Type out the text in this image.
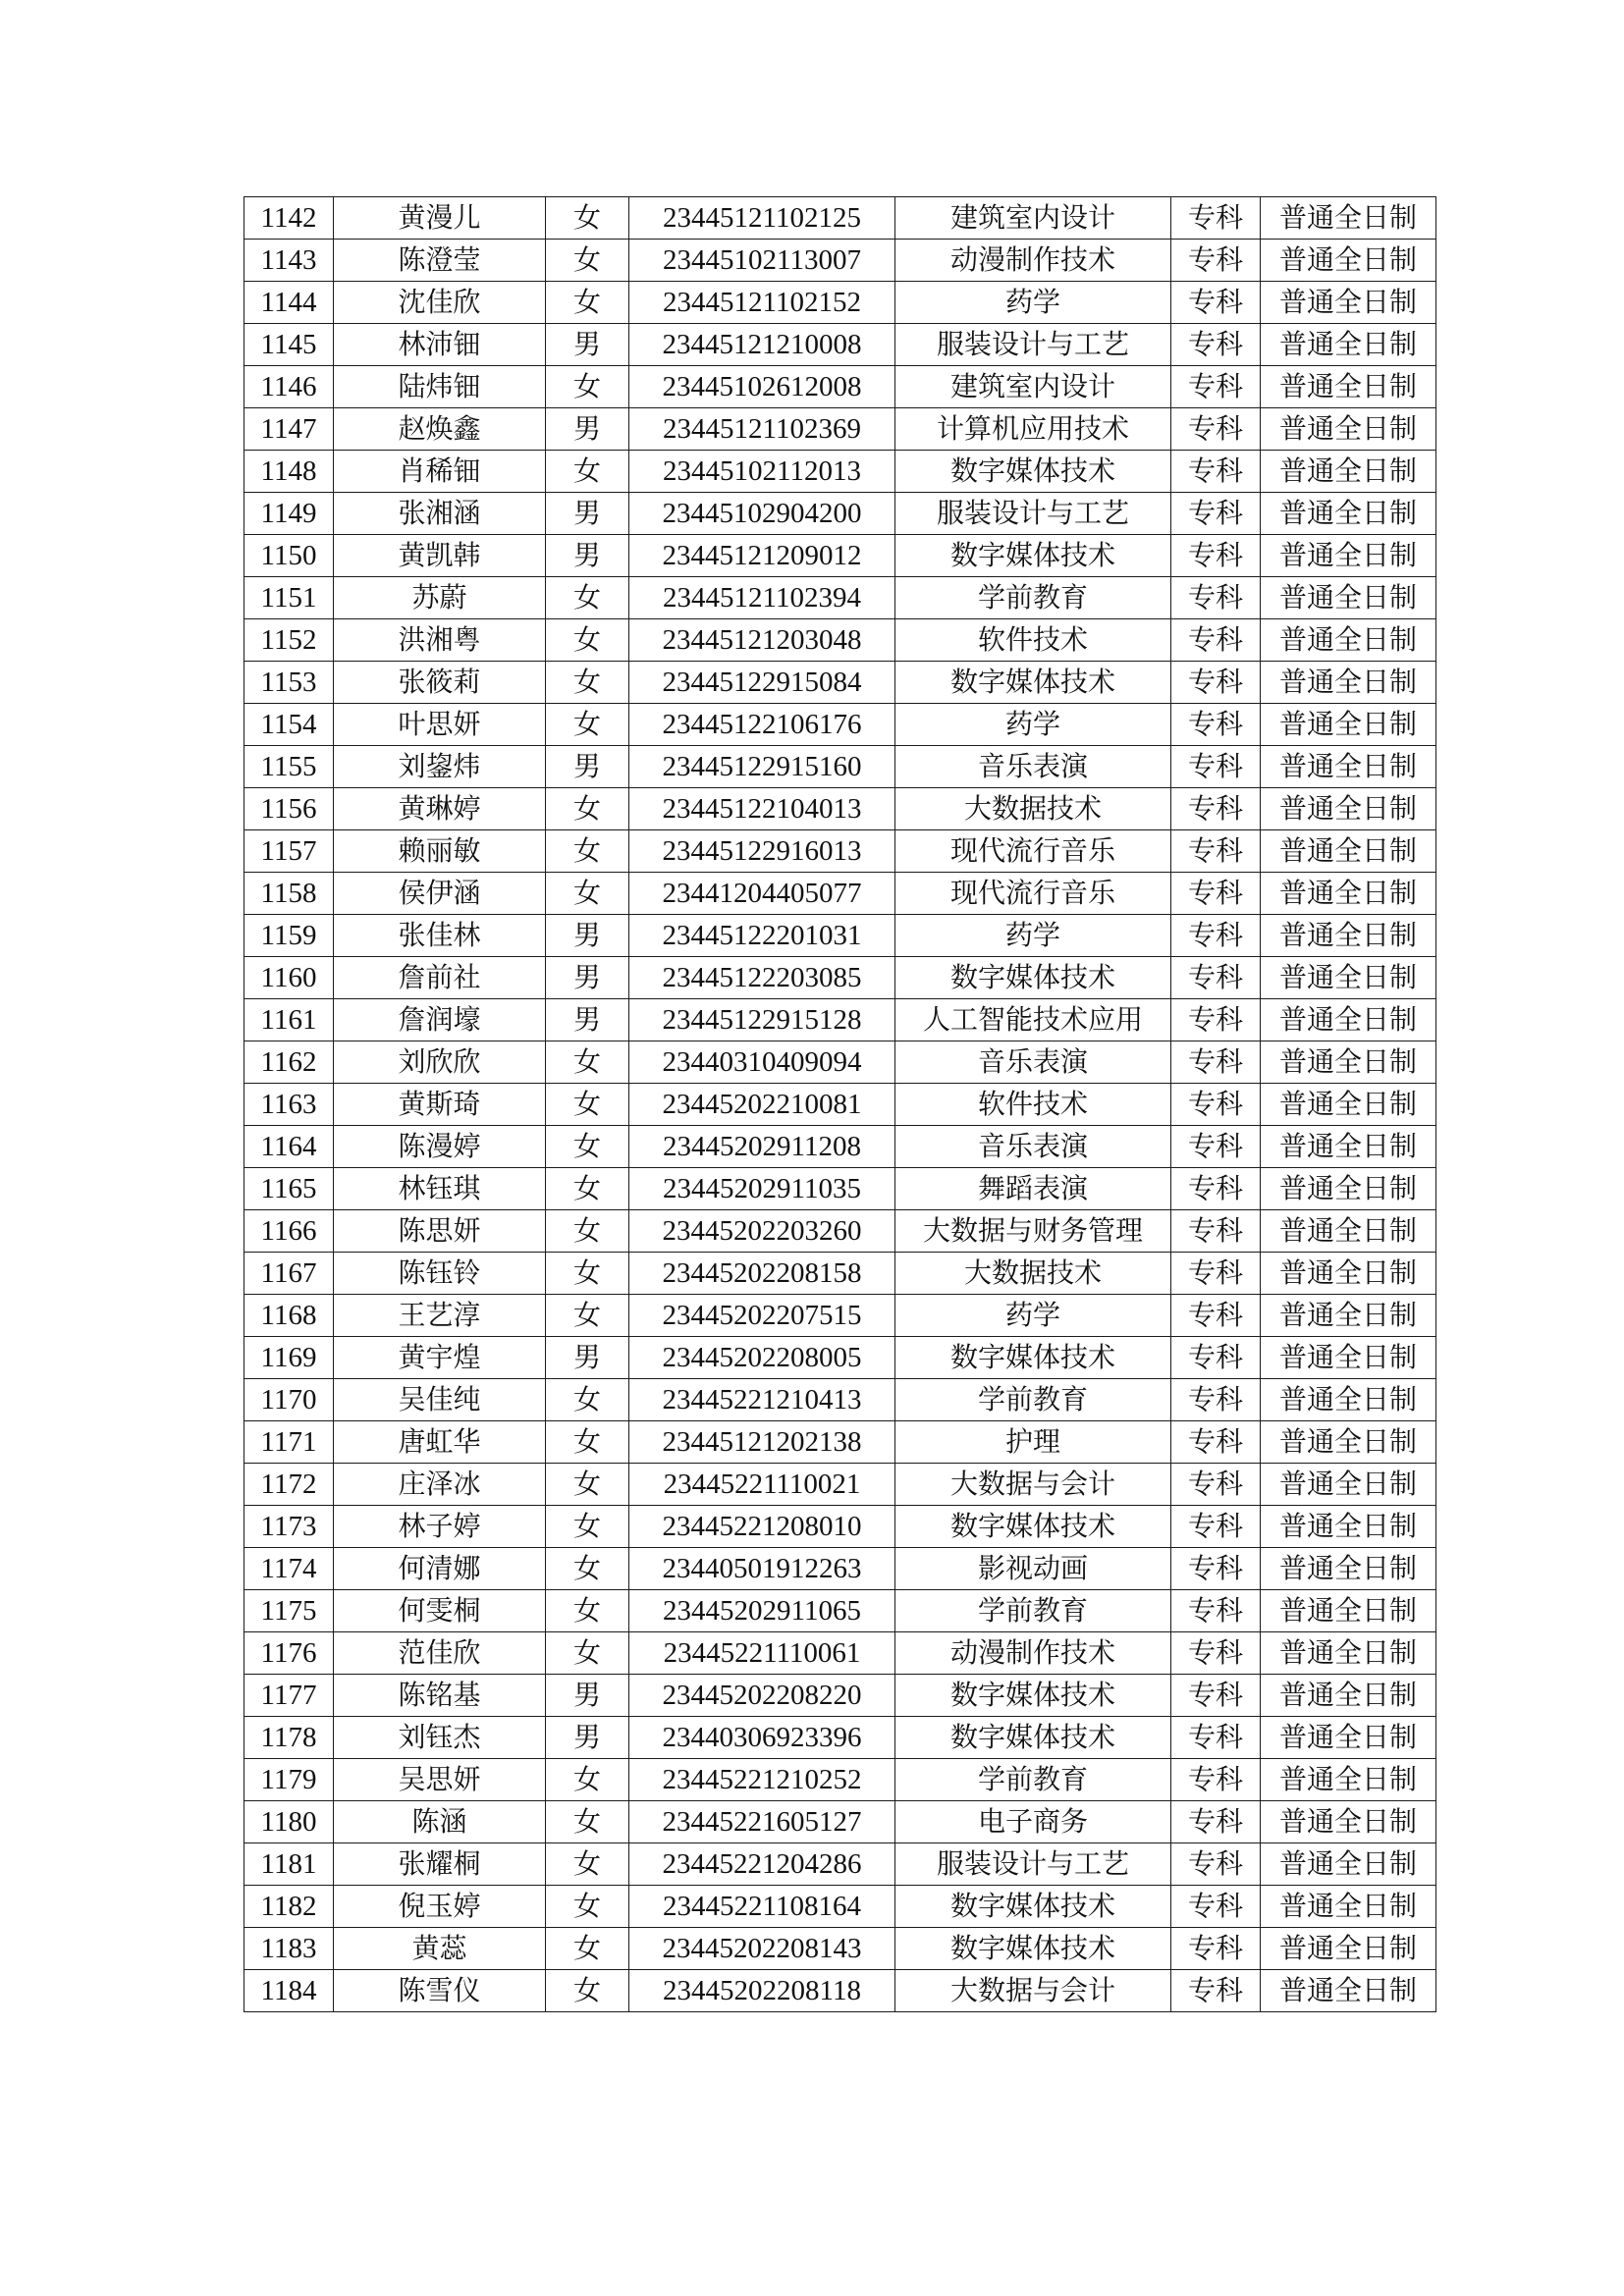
1142	黄漫儿	女	23445121102125	建筑室内设计	专科	普通全日制
1143	陈澄莹	女	23445102113007	动漫制作技术	专科	普通全日制
1144	沈佳欣	女	23445121102152	药学	专科	普通全日制
1145	林沛钿	男	23445121210008	服装设计与工艺	专科	普通全日制
1146	陆炜钿	女	23445102612008	建筑室内设计	专科	普通全日制
1147	赵焕鑫	男	23445121102369	计算机应用技术	专科	普通全日制
1148	肖稀钿	女	23445102112013	数字媒体技术	专科	普通全日制
1149	张湘涵	男	23445102904200	服装设计与工艺	专科	普通全日制
1150	黄凯韩	男	23445121209012	数字媒体技术	专科	普通全日制
1151	苏蔚	女	23445121102394	学前教育	专科	普通全日制
1152	洪湘粤	女	23445121203048	软件技术	专科	普通全日制
1153	张筱莉	女	23445122915084	数字媒体技术	专科	普通全日制
1154	叶思妍	女	23445122106176	药学	专科	普通全日制
1155	刘鋆炜	男	23445122915160	音乐表演	专科	普通全日制
1156	黄琳婷	女	23445122104013	大数据技术	专科	普通全日制
1157	赖丽敏	女	23445122916013	现代流行音乐	专科	普通全日制
1158	侯伊涵	女	23441204405077	现代流行音乐	专科	普通全日制
1159	张佳林	男	23445122201031	药学	专科	普通全日制
1160	詹前社	男	23445122203085	数字媒体技术	专科	普通全日制
1161	詹润壕	男	23445122915128	人工智能技术应用	专科	普通全日制
1162	刘欣欣	女	23440310409094	音乐表演	专科	普通全日制
1163	黄斯琦	女	23445202210081	软件技术	专科	普通全日制
1164	陈漫婷	女	23445202911208	音乐表演	专科	普通全日制
1165	林钰琪	女	23445202911035	舞蹈表演	专科	普通全日制
1166	陈思妍	女	23445202203260	大数据与财务管理	专科	普通全日制
1167	陈钰铃	女	23445202208158	大数据技术	专科	普通全日制
1168	王艺淳	女	23445202207515	药学	专科	普通全日制
1169	黄宇煌	男	23445202208005	数字媒体技术	专科	普通全日制
1170	吴佳纯	女	23445221210413	学前教育	专科	普通全日制
1171	唐虹华	女	23445121202138	护理	专科	普通全日制
1172	庄泽冰	女	23445221110021	大数据与会计	专科	普通全日制
1173	林子婷	女	23445221208010	数字媒体技术	专科	普通全日制
1174	何清娜	女	23440501912263	影视动画	专科	普通全日制
1175	何雯桐	女	23445202911065	学前教育	专科	普通全日制
1176	范佳欣	女	23445221110061	动漫制作技术	专科	普通全日制
1177	陈铭基	男	23445202208220	数字媒体技术	专科	普通全日制
1178	刘钰杰	男	23440306923396	数字媒体技术	专科	普通全日制
1179	吴思妍	女	23445221210252	学前教育	专科	普通全日制
1180	陈涵	女	23445221605127	电子商务	专科	普通全日制
1181	张耀桐	女	23445221204286	服装设计与工艺	专科	普通全日制
1182	倪玉婷	女	23445221108164	数字媒体技术	专科	普通全日制
1183	黄蕊	女	23445202208143	数字媒体技术	专科	普通全日制
1184	陈雪仪	女	23445202208118	大数据与会计	专科	普通全日制
